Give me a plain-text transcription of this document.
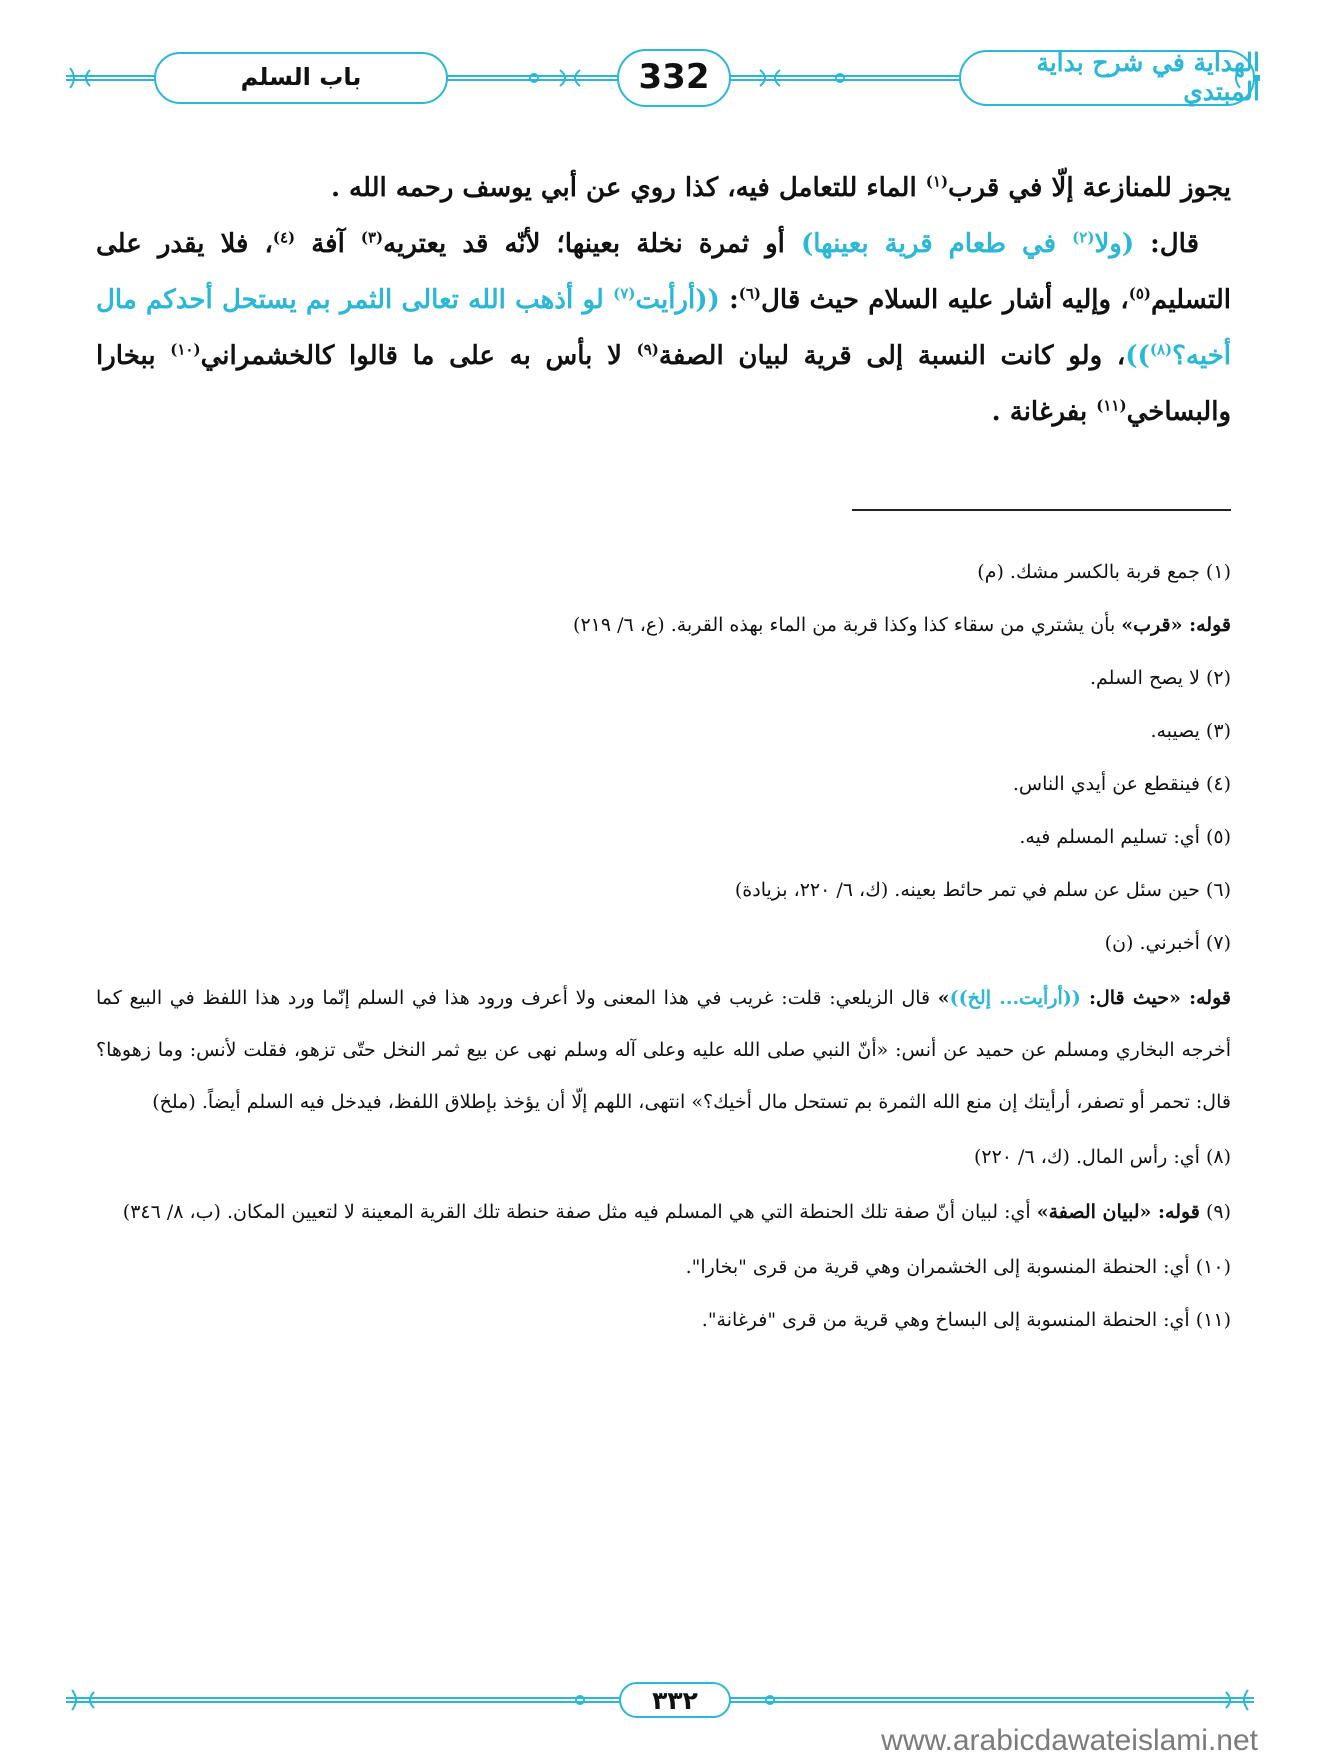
باب السلم	332	الهداية في شرح بداية المبتدي

يجوز للمنازعة إلّا في قرب$^{(١)}$ الماء للتعامل فيه، كذا روي عن أبي يوسف رحمه الله .

قال: (ولا$^{(٢)}$ في طعام قرية بعينها) أو ثمرة نخلة بعينها؛ لأنّه قد يعتريه$^{(٣)}$ آفة $^{(٤)}$، فلا يقدر على التسليم$^{(٥)}$، وإليه أشار عليه السلام حيث قال$^{(٦)}$: ((أرأيت$^{(٧)}$ لو أذهب الله تعالى الثمر بم يستحل أحدكم مال أخيه؟$^{(٨)}$))، ولو كانت النسبة إلى قرية لبيان الصفة$^{(٩)}$ لا بأس به على ما قالوا كالخشمراني$^{(١٠)}$ ببخارا والبساخي$^{(١١)}$ بفرغانة .

(١) جمع قربة بالكسر مشك. (م)

قوله: «قرب» بأن يشتري من سقاء كذا وكذا قربة من الماء بهذه القربة. (ع، ٦/ ٢١٩)

(٢) لا يصح السلم.

(٣) يصيبه.

(٤) فينقطع عن أيدي الناس.

(٥) أي: تسليم المسلم فيه.

(٦) حين سئل عن سلم في تمر حائط بعينه. (ك، ٦/ ٢٢٠، بزيادة)

(٧) أخبرني. (ن)

قوله: «حيث قال: ((أرأيت... إلخ))» قال الزيلعي: قلت: غريب في هذا المعنى ولا أعرف ورود هذا في السلم إنّما ورد هذا اللفظ في البيع كما أخرجه البخاري ومسلم عن حميد عن أنس: «أنّ النبي صلى الله عليه وعلى آله وسلم نهى عن بيع ثمر النخل حتّى تزهو، فقلت لأنس: وما زهوها؟ قال: تحمر أو تصفر، أرأيتك إن منع الله الثمرة بم تستحل مال أخيك؟» انتهى، اللهم إلّا أن يؤخذ بإطلاق اللفظ، فيدخل فيه السلم أيضاً. (ملخ)

(٨) أي: رأس المال. (ك، ٦/ ٢٢٠)

(٩) قوله: «لبيان الصفة» أي: لبيان أنّ صفة تلك الحنطة التي هي المسلم فيه مثل صفة حنطة تلك القرية المعينة لا لتعيين المكان. (ب، ٨/ ٣٤٦)

(١٠) أي: الحنطة المنسوبة إلى الخشمران وهي قرية من قرى "بخارا".

(١١) أي: الحنطة المنسوبة إلى البساخ وهي قرية من قرى "فرغانة".

٣٣٢
www.arabicdawateislami.net
